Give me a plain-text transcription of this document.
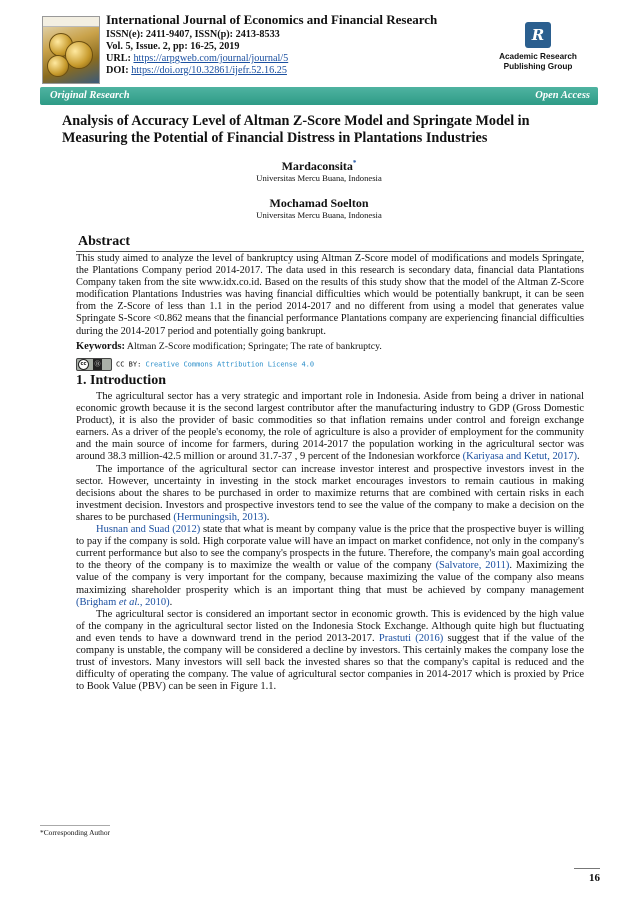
International Journal of Economics and Financial Research

ISSN(e): 2411-9407, ISSN(p): 2413-8533

Vol. 5, Issue. 2, pp: 16-25, 2019

URL: https://arpgweb.com/journal/journal/5

DOI: https://doi.org/10.32861/ijefr.52.16.25

R
Academic Research Publishing Group
Original Research	Open Access
Analysis of Accuracy Level of Altman Z-Score Model and Springate Model in Measuring the Potential of Financial Distress in Plantations Industries
Mardaconsita*
Universitas Mercu Buana, Indonesia
Mochamad Soelton
Universitas Mercu Buana, Indonesia
Abstract

This study aimed to analyze the level of bankruptcy using Altman Z-Score model of modifications and models Springate, the Plantations Company period 2014-2017. The data used in this research is secondary data, financial data Plantations Company taken from the site www.idx.co.id. Based on the results of this study show that the model of the Altman Z-Score modification Plantations Industries was having financial difficulties which would be potentially bankrupt, it can be seen from the Z-Score of less than 1.1 in the period 2014-2017 and no different from using a model that generates value Springate S-Score <0.862 means that the financial performance Plantations company are experiencing financial difficulties during the 2014-2017 period and potentially going bankrupt.

Keywords: Altman Z-Score modification; Springate; The rate of bankruptcy.

cc	Ⓑ CC BY: Creative Commons Attribution License 4.0
1. Introduction

The agricultural sector has a very strategic and important role in Indonesia. Aside from being a driver in national economic growth because it is the second largest contributor after the manufacturing industry to GDP (Gross Domestic Product), it is also the provider of basic commodities so that inflation remains under control and foreign exchange earners. As a driver of the people's economy, the role of agriculture is also a provider of employment for the community and the main source of income for farmers, during 2014-2017 the population working in the agricultural sector was around 38.3 million-42.5 million or around 31.7-37 , 9 percent of the Indonesian workforce (Kariyasa and Ketut, 2017).

The importance of the agricultural sector can increase investor interest and prospective investors invest in the sector. However, uncertainty in investing in the stock market encourages investors to remain cautious in making decisions about the shares to be purchased in order to maximize returns that are combined with certain risks in each investment decision. Investors and prospective investors tend to see the value of the company to make a decision on the shares to be purchased (Hermuningsih, 2013).

Husnan and Suad (2012) state that what is meant by company value is the price that the prospective buyer is willing to pay if the company is sold. High corporate value will have an impact on market confidence, not only in the company's current performance but also to see the company's prospects in the future. Therefore, the company's main goal according to the theory of the company is to maximize the wealth or value of the company (Salvatore, 2011). Maximizing the value of the company is very important for the company, because maximizing the value of the company also means maximizing shareholder prosperity which is an important thing that must be achieved by company management (Brigham et al., 2010).

The agricultural sector is considered an important sector in economic growth. This is evidenced by the high value of the company in the agricultural sector listed on the Indonesia Stock Exchange. Although quite high but fluctuating and even tends to have a downward trend in the period 2013-2017. Prastuti (2016) suggest that if the value of the company is unstable, the company will be considered a decline by investors. This certainly makes the company lose the trust of investors. Many investors will sell back the invested shares so that the company's capital is reduced and the difficulty of operating the company. The value of agricultural sector companies in 2014-2017 which is proxied by Price to Book Value (PBV) can be seen in Figure 1.1.

*Corresponding Author
16
